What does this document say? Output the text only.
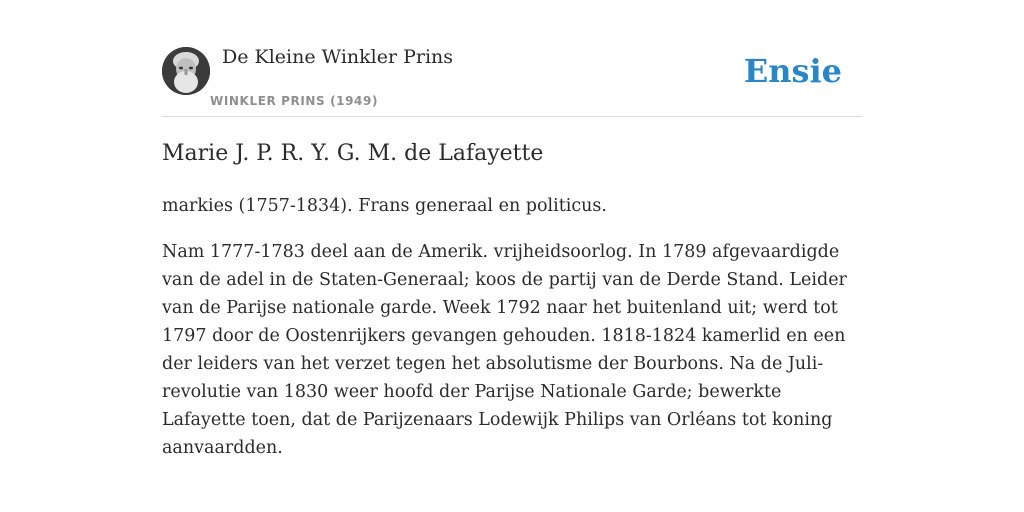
De Kleine Winkler Prins
WINKLER PRINS (1949)
Ensie
Marie J. P. R. Y. G. M. de Lafayette

markies (1757-1834). Frans generaal en politicus.

Nam 1777-1783 deel aan de Amerik. vrijheidsoorlog. In 1789 afgevaardigde van de adel in de Staten-Generaal; koos de partij van de Derde Stand. Leider van de Parijse nationale garde. Week 1792 naar het buitenland uit; werd tot 1797 door de Oostenrijkers gevangen gehouden. 1818-1824 kamerlid en een der leiders van het verzet tegen het absolutisme der Bourbons. Na de Juli-revolutie van 1830 weer hoofd der Parijse Nationale Garde; bewerkte Lafayette toen, dat de Parijzenaars Lodewijk Philips van Orléans tot koning aanvaardden.
